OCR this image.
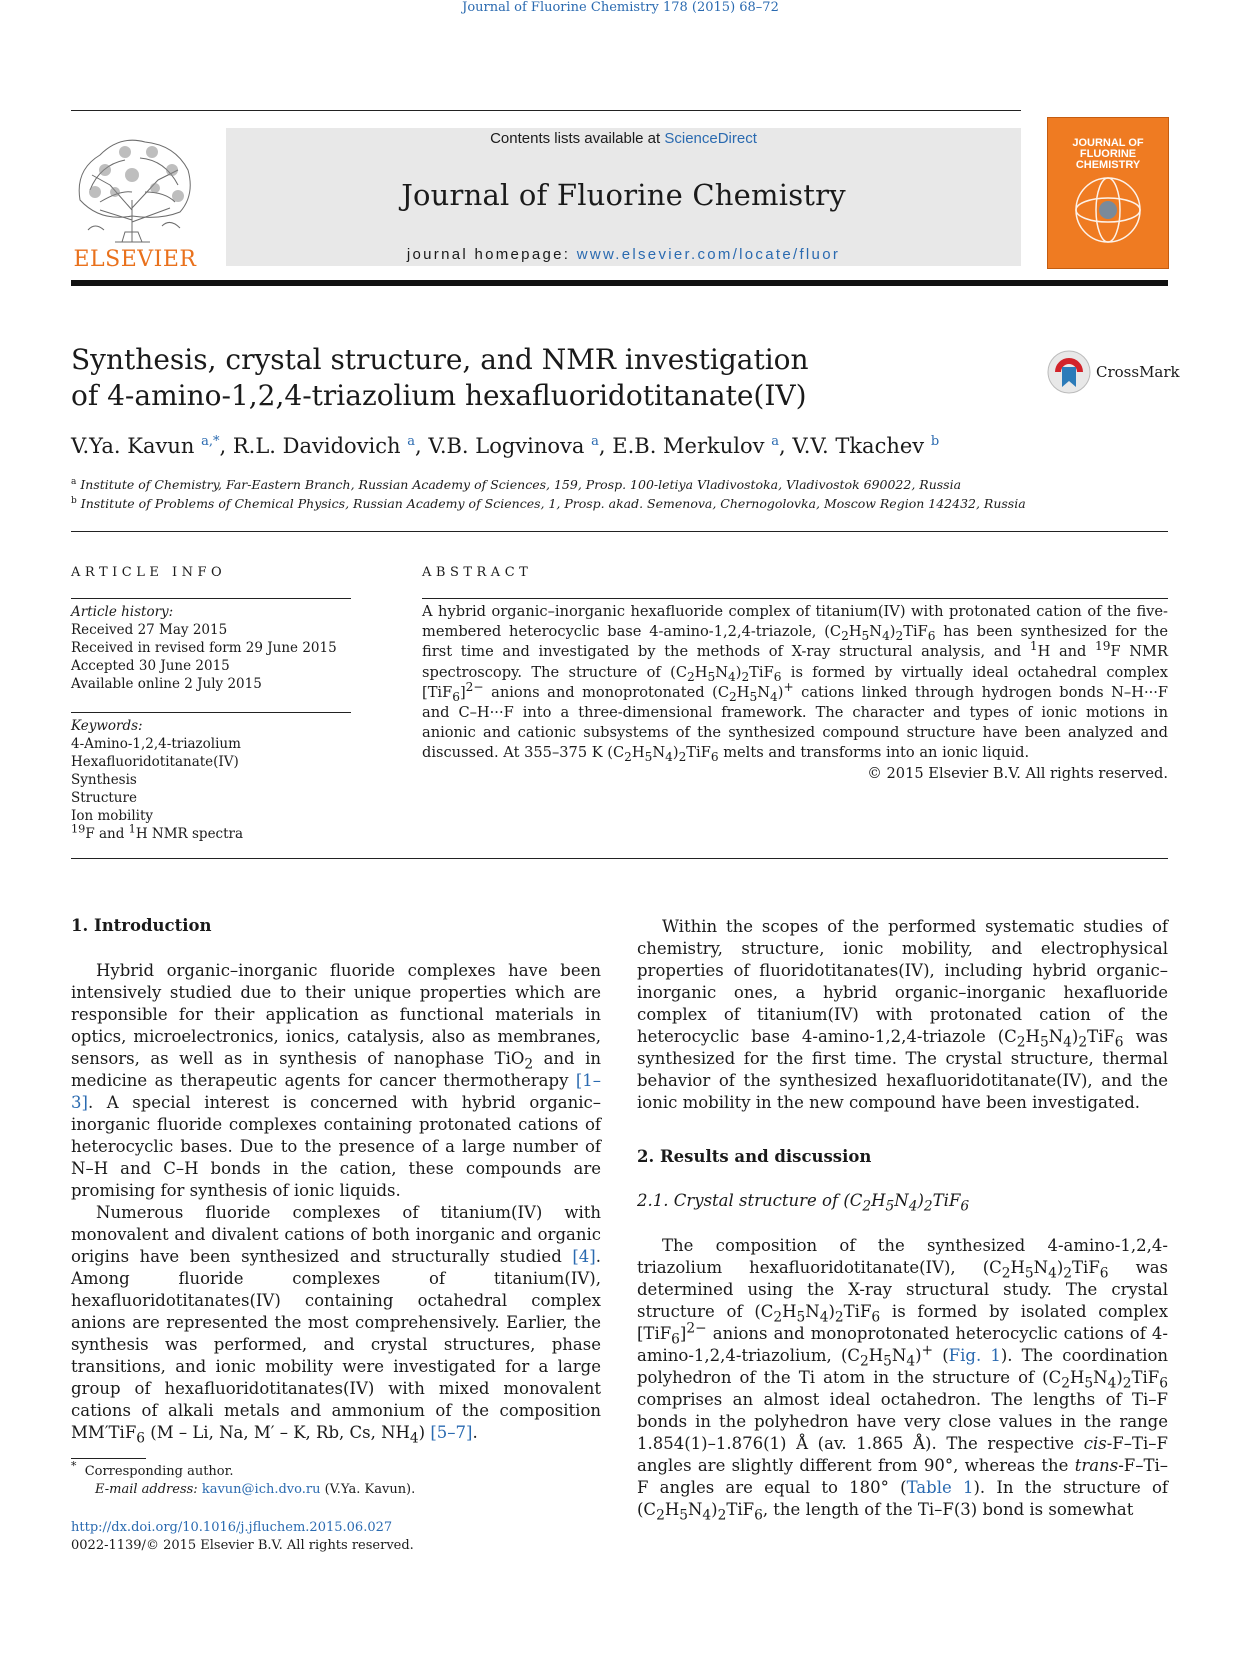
Journal of Fluorine Chemistry 178 (2015) 68–72
ELSEVIER
Contents lists available at ScienceDirect
Journal of Fluorine Chemistry
journal homepage: www.elsevier.com/locate/fluor
JOURNAL OF FLUORINE CHEMISTRY
Synthesis, crystal structure, and NMR investigation
of 4-amino-1,2,4-triazolium hexafluoridotitanate(IV)
CrossMark
V.Ya. Kavun $^{a,*}$, R.L. Davidovich $^a$, V.B. Logvinova $^a$, E.B. Merkulov $^a$, V.V. Tkachev $^b$
$^a$ Institute of Chemistry, Far-Eastern Branch, Russian Academy of Sciences, 159, Prosp. 100-letiya Vladivostoka, Vladivostok 690022, Russia
$^b$ Institute of Problems of Chemical Physics, Russian Academy of Sciences, 1, Prosp. akad. Semenova, Chernogolovka, Moscow Region 142432, Russia
ARTICLE INFO	ABSTRACT
Article history:
Received 27 May 2015
Received in revised form 29 June 2015
Accepted 30 June 2015
Available online 2 July 2015
Keywords:
4-Amino-1,2,4-triazolium
Hexafluoridotitanate(IV)
Synthesis
Structure
Ion mobility
$^{19}$F and $^1$H NMR spectra
A hybrid organic–inorganic hexafluoride complex of titanium(IV) with protonated cation of the five-membered heterocyclic base 4-amino-1,2,4-triazole, $(C_2H_5N_4)_2TiF_6$ has been synthesized for the first time and investigated by the methods of X-ray structural analysis, and $^1$H and $^{19}$F NMR spectroscopy. The structure of $(C_2H_5N_4)_2TiF_6$ is formed by virtually ideal octahedral complex $[TiF_6]^{2-}$ anions and monoprotonated $(C_2H_5N_4)^+$ cations linked through hydrogen bonds N–H···F and C–H···F into a three-dimensional framework. The character and types of ionic motions in anionic and cationic subsystems of the synthesized compound structure have been analyzed and discussed. At 355–375 K $(C_2H_5N_4)_2TiF_6$ melts and transforms into an ionic liquid.
© 2015 Elsevier B.V. All rights reserved.
1. Introduction

Hybrid organic–inorganic fluoride complexes have been intensively studied due to their unique properties which are responsible for their application as functional materials in optics, microelectronics, ionics, catalysis, also as membranes, sensors, as well as in synthesis of nanophase TiO$_2$ and in medicine as therapeutic agents for cancer thermotherapy [1–3]. A special interest is concerned with hybrid organic–inorganic fluoride complexes containing protonated cations of heterocyclic bases. Due to the presence of a large number of N–H and C–H bonds in the cation, these compounds are promising for synthesis of ionic liquids.

Numerous fluoride complexes of titanium(IV) with monovalent and divalent cations of both inorganic and organic origins have been synthesized and structurally studied [4]. Among fluoride complexes of titanium(IV), hexafluoridotitanates(IV) containing octahedral complex anions are represented the most comprehensively. Earlier, the synthesis was performed, and crystal structures, phase transitions, and ionic mobility were investigated for a large group of hexafluoridotitanates(IV) with mixed monovalent cations of alkali metals and ammonium of the composition MM′TiF$_6$ (M – Li, Na, M′ – K, Rb, Cs, $NH_4$) [5–7].

Within the scopes of the performed systematic studies of chemistry, structure, ionic mobility, and electrophysical properties of fluoridotitanates(IV), including hybrid organic–inorganic ones, a hybrid organic–inorganic hexafluoride complex of titanium(IV) with protonated cation of the heterocyclic base 4-amino-1,2,4-triazole $(C_2H_5N_4)_2TiF_6$ was synthesized for the first time. The crystal structure, thermal behavior of the synthesized hexafluoridotitanate(IV), and the ionic mobility in the new compound have been investigated.

2. Results and discussion
2.1. Crystal structure of $(C_2H_5N_4)_2TiF_6$

The composition of the synthesized 4-amino-1,2,4-triazolium hexafluoridotitanate(IV), $(C_2H_5N_4)_2TiF_6$ was determined using the X-ray structural study. The crystal structure of $(C_2H_5N_4)_2TiF_6$ is formed by isolated complex $[TiF_6]^{2-}$ anions and monoprotonated heterocyclic cations of 4-amino-1,2,4-triazolium, $(C_2H_5N_4)^+$ (Fig. 1). The coordination polyhedron of the Ti atom in the structure of $(C_2H_5N_4)_2TiF_6$ comprises an almost ideal octahedron. The lengths of Ti–F bonds in the polyhedron have very close values in the range 1.854(1)–1.876(1) Å (av. 1.865 Å). The respective cis-F–Ti–F angles are slightly different from 90°, whereas the trans-F–Ti–F angles are equal to 180° (Table 1). In the structure of $(C_2H_5N_4)_2TiF_6$, the length of the Ti–F(3) bond is somewhat

* Corresponding author.
E-mail address: kavun@ich.dvo.ru (V.Ya. Kavun).
http://dx.doi.org/10.1016/j.jfluchem.2015.06.027
0022-1139/© 2015 Elsevier B.V. All rights reserved.
